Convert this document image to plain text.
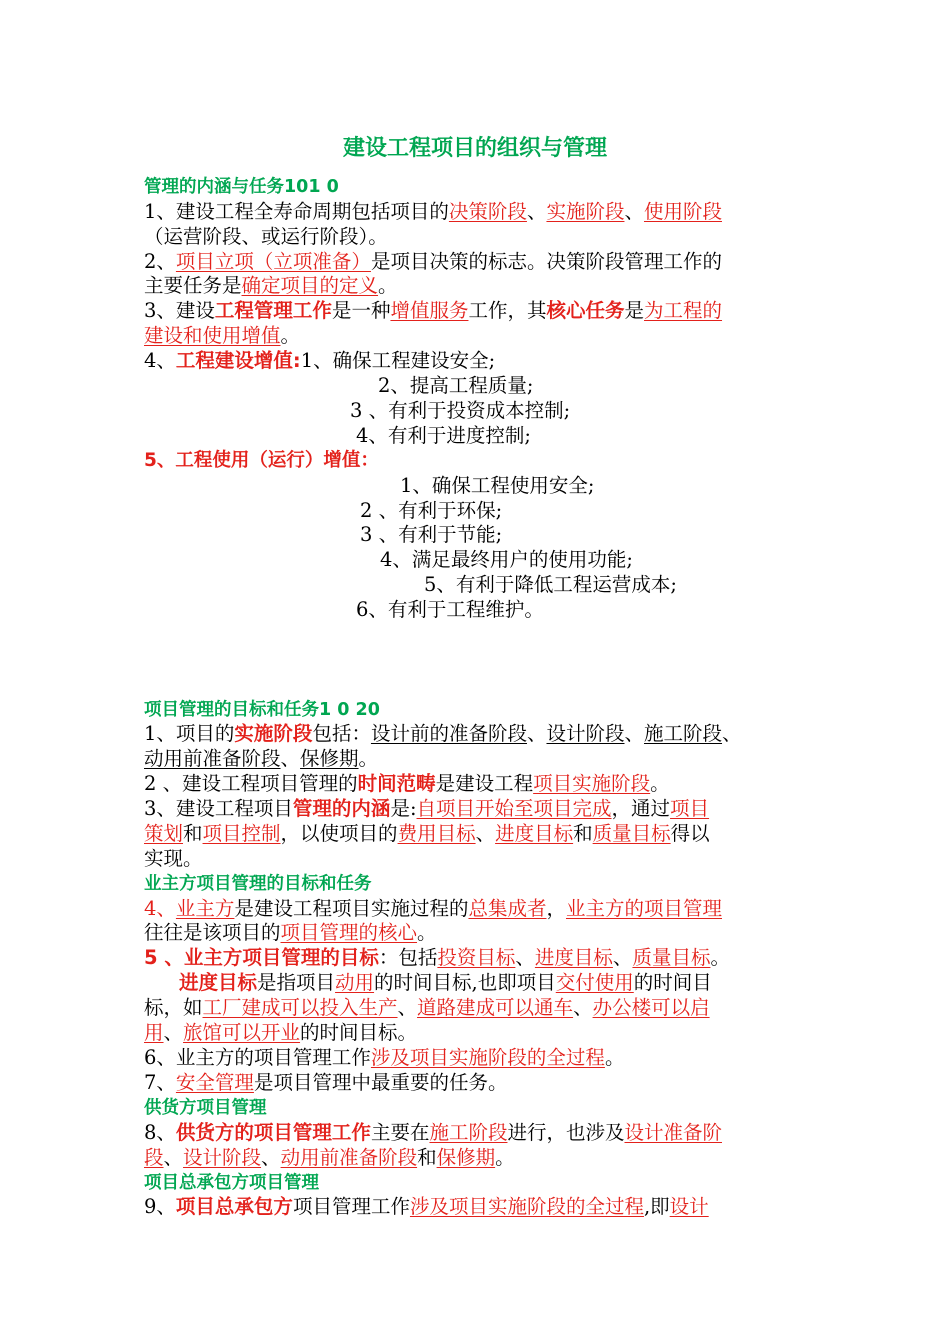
建设工程项目的组织与管理
管理的内涵与任务101 0
1、建设工程全寿命周期包括项目的决策阶段、实施阶段、使用阶段
（运营阶段、或运行阶段）。
2、项目立项（立项准备）是项目决策的标志。决策阶段管理工作的
主要任务是确定项目的定义。
3、建设工程管理工作是一种增值服务工作，其核心任务是为工程的
建设和使用增值。
4、工程建设增值:1、确保工程建设安全;
2、提高工程质量;
3 、有利于投资成本控制;
4、有利于进度控制;
5、工程使用（运行）增值：
1、确保工程使用安全;
2 、有利于环保;
3 、有利于节能;
4、满足最终用户的使用功能;
5、有利于降低工程运营成本;
6、有利于工程维护。
项目管理的目标和任务1 0 20
1、项目的实施阶段包括：设计前的准备阶段、设计阶段、施工阶段、
动用前准备阶段、保修期。
2 、建设工程项目管理的时间范畴是建设工程项目实施阶段。
3、建设工程项目管理的内涵是:自项目开始至项目完成，通过项目
策划和项目控制，以使项目的费用目标、进度目标和质量目标得以
实现。
业主方项目管理的目标和任务
4、业主方是建设工程项目实施过程的总集成者，业主方的项目管理
往往是该项目的项目管理的核心。
5 、业主方项目管理的目标：包括投资目标、进度目标、质量目标。
进度目标是指项目动用的时间目标,也即项目交付使用的时间目
标，如工厂建成可以投入生产、道路建成可以通车、办公楼可以启
用、旅馆可以开业的时间目标。
6、业主方的项目管理工作涉及项目实施阶段的全过程。
7、安全管理是项目管理中最重要的任务。
供货方项目管理
8、供货方的项目管理工作主要在施工阶段进行，也涉及设计准备阶
段、设计阶段、动用前准备阶段和保修期。
项目总承包方项目管理
9、项目总承包方项目管理工作涉及项目实施阶段的全过程,即设计
